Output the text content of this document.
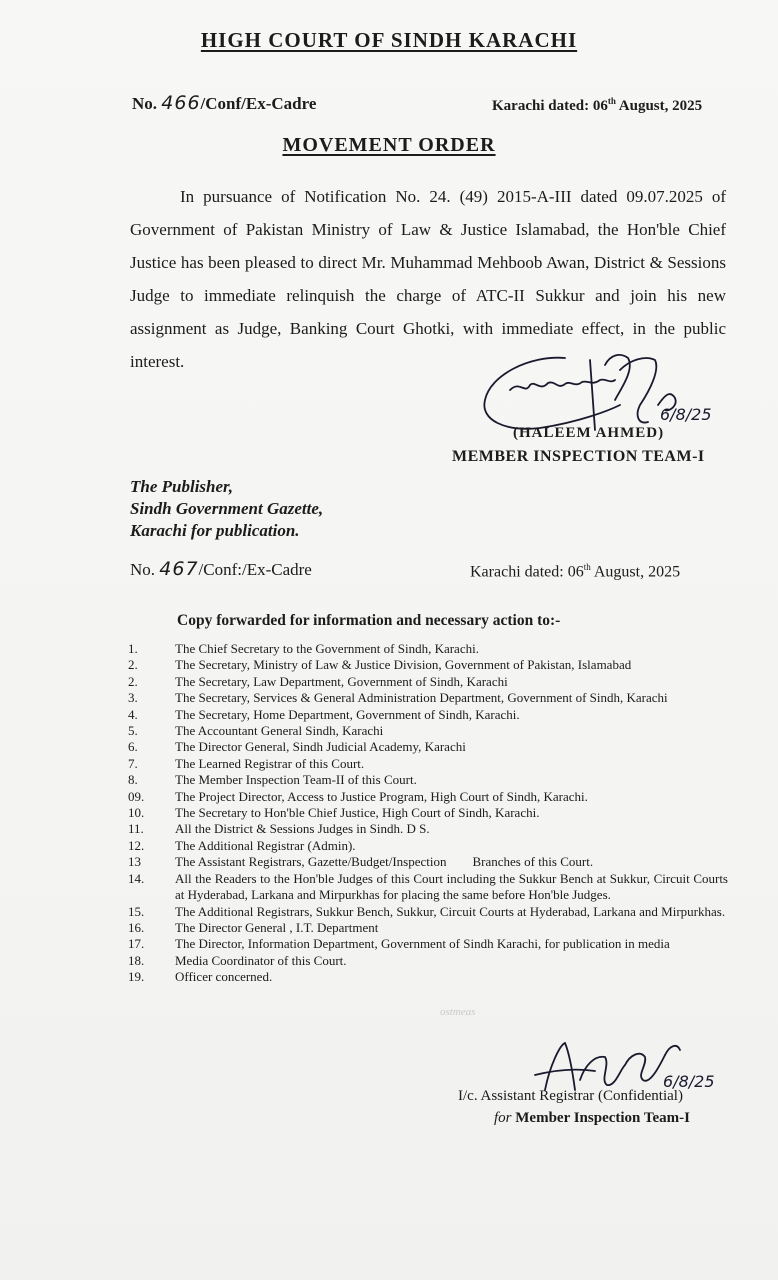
HIGH COURT OF SINDH KARACHI
No. 466/Conf/Ex-Cadre	Karachi dated: 06th August, 2025
MOVEMENT ORDER
In pursuance of Notification No. 24. (49) 2015-A-III dated 09.07.2025 of Government of Pakistan Ministry of Law & Justice Islamabad, the Hon'ble Chief Justice has been pleased to direct Mr. Muhammad Mehboob Awan, District & Sessions Judge to immediate relinquish the charge of ATC-II Sukkur and join his new assignment as Judge, Banking Court Ghotki, with immediate effect, in the public interest.
6/8/25
(HALEEM AHMED)
MEMBER INSPECTION TEAM-I
The Publisher,
Sindh Government Gazette,
Karachi for publication.
No. 467/Conf:/Ex-Cadre	Karachi dated: 06th August, 2025
Copy forwarded for information and necessary action to:-
1.	The Chief Secretary to the Government of Sindh, Karachi.
2.	The Secretary, Ministry of Law & Justice Division, Government of Pakistan, Islamabad
2.	The Secretary, Law Department, Government of Sindh, Karachi
3.	The Secretary, Services & General Administration Department, Government of Sindh, Karachi
4.	The Secretary, Home Department, Government of Sindh, Karachi.
5.	The Accountant General Sindh, Karachi
6.	The Director General, Sindh Judicial Academy, Karachi
7.	The Learned Registrar of this Court.
8.	The Member Inspection Team-II of this Court.
09.	The Project Director, Access to Justice Program, High Court of Sindh, Karachi.
10.	The Secretary to Hon'ble Chief Justice, High Court of Sindh, Karachi.
11.	All the District & Sessions Judges in Sindh. D S.
12.	The Additional Registrar (Admin).
13	The Assistant Registrars, Gazette/Budget/Inspection        Branches of this Court.
14.	All the Readers to the Hon'ble Judges of this Court including the Sukkur Bench at Sukkur, Circuit Courts at Hyderabad, Larkana and Mirpurkhas for placing the same before Hon'ble Judges.
15.	The Additional Registrars, Sukkur Bench, Sukkur, Circuit Courts at Hyderabad, Larkana and Mirpurkhas.
16.	The Director General , I.T. Department
17.	The Director, Information Department, Government of Sindh Karachi, for publication in media
18.	Media Coordinator of this Court.
19.	Officer concerned.
ostmeas
6/8/25
I/c. Assistant Registrar (Confidential)
for Member Inspection Team-I
